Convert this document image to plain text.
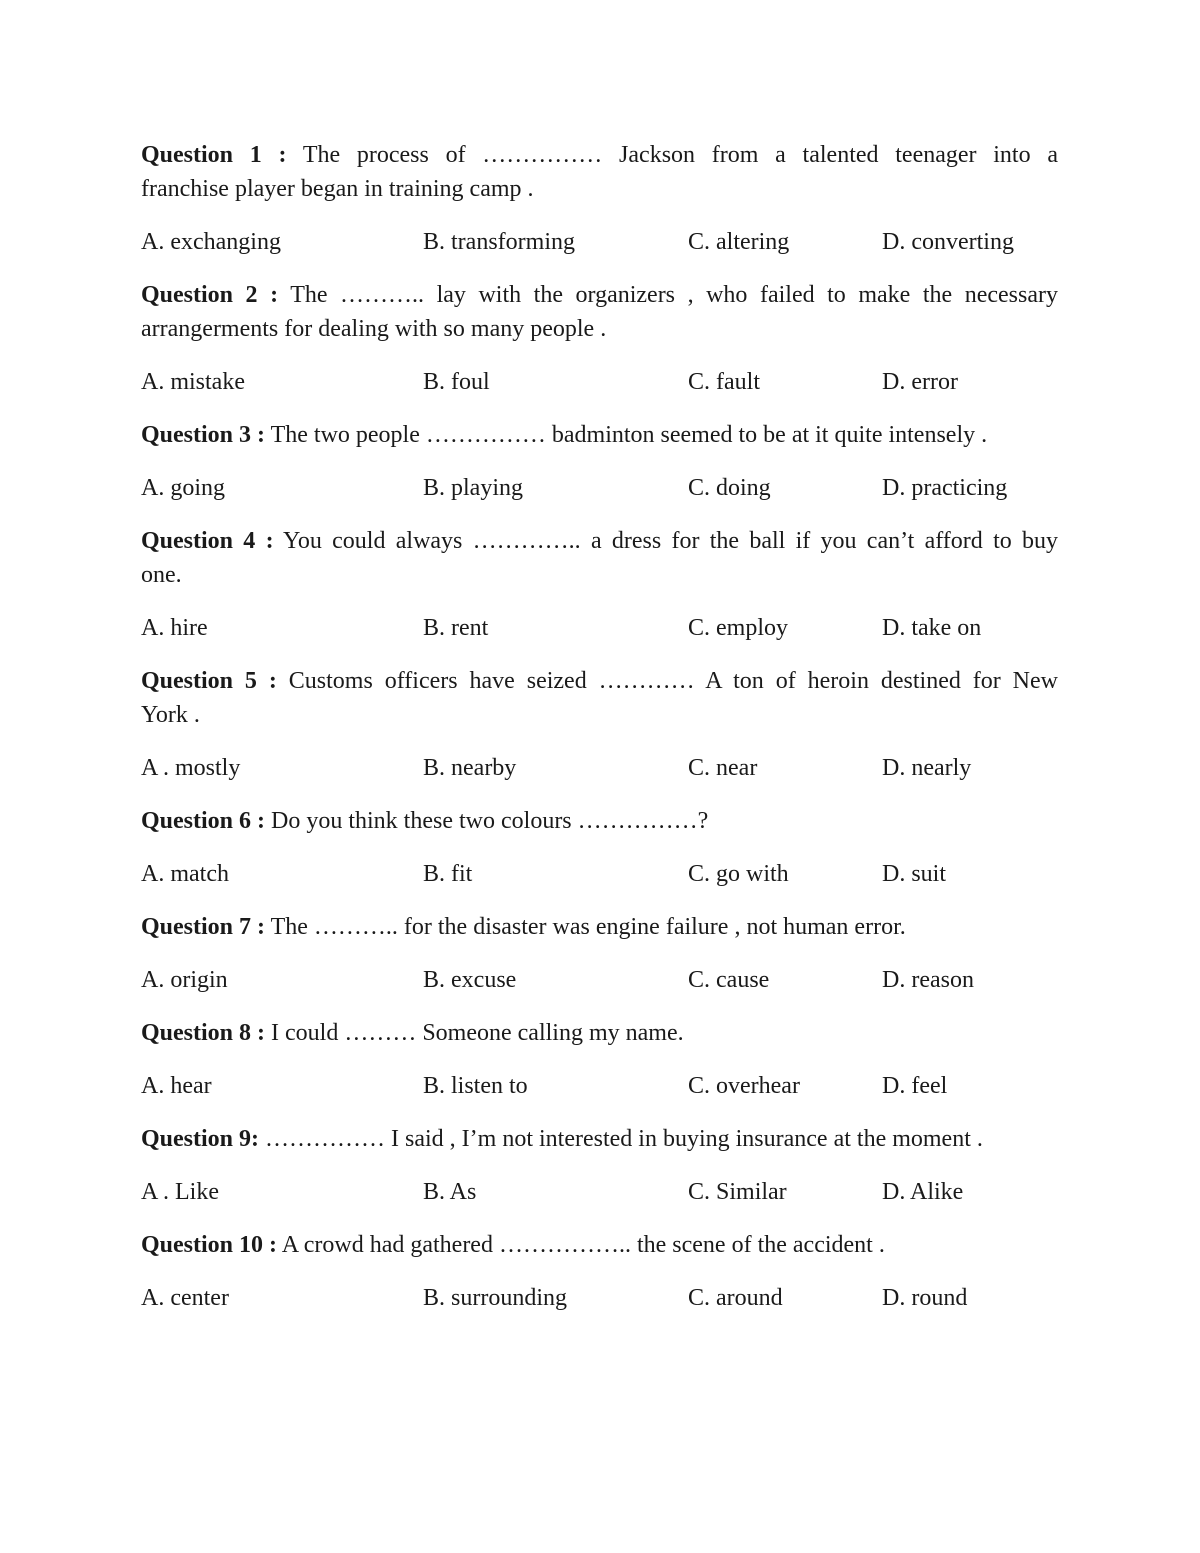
Question 1 : The process of …………… Jackson from a talented teenager into a
franchise player began in training camp .
A. exchanging	B. transforming	C. altering	D. converting
Question 2 : The ……….. lay with the organizers , who failed to make the necessary
arrangerments for dealing with so many people .
A. mistake	B. foul	C. fault	D. error
Question 3 : The two people …………… badminton seemed to be at it quite intensely .
A. going	B. playing	C. doing	D. practicing
Question 4 : You could always ………….. a dress for the ball if you can’t afford to buy
one.
A. hire	B. rent	C. employ	D. take on
Question 5 : Customs officers have seized ………… A ton of heroin destined for New
York .
A . mostly	B. nearby	C. near	D. nearly
Question 6 : Do you think these two colours ……………?
A. match	B. fit	C. go with	D. suit
Question 7 : The ……….. for the disaster was engine failure , not human error.
A. origin	B. excuse	C. cause	D. reason
Question 8 : I could ……… Someone calling my name.
A. hear	B. listen to	C. overhear	D. feel
Question 9: …………… I said , I’m not interested in buying insurance at the moment .
A . Like	B. As	C. Similar	D. Alike
Question 10 : A crowd had gathered …………….. the scene of the accident .
A. center	B. surrounding	C. around	D. round
